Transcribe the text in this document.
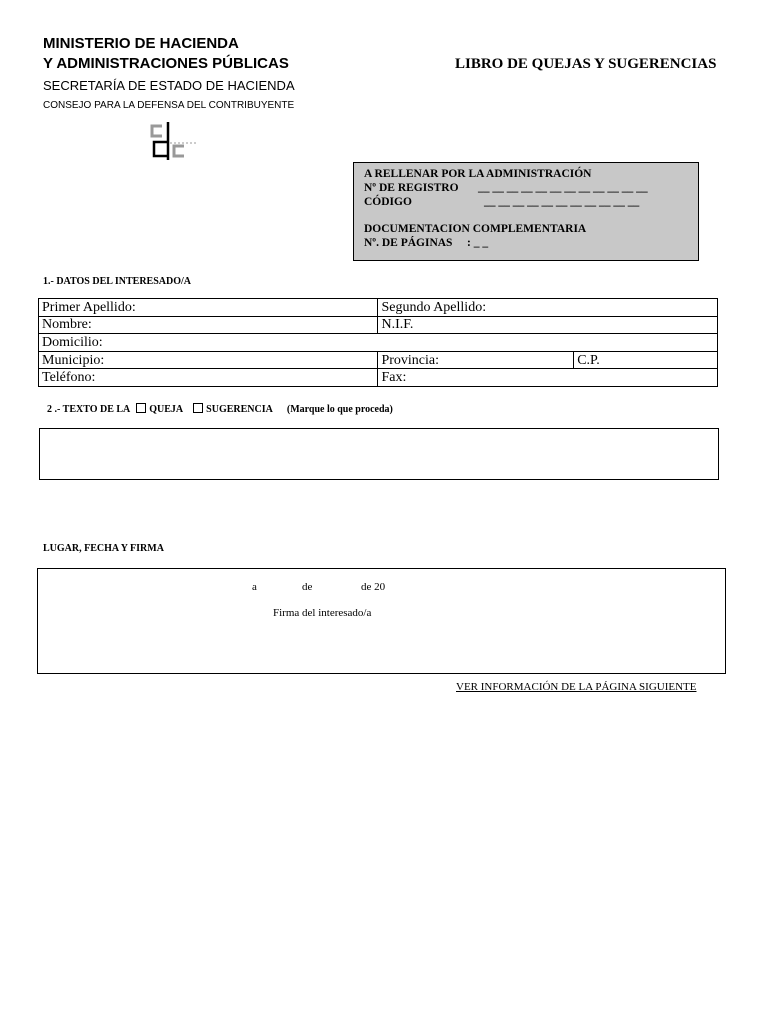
MINISTERIO DE HACIENDA
Y ADMINISTRACIONES PÚBLICAS
SECRETARÍA DE ESTADO DE HACIENDA
CONSEJO PARA LA DEFENSA DEL CONTRIBUYENTE
LIBRO DE QUEJAS Y SUGERENCIAS
A RELLENAR POR LA ADMINISTRACIÓN
Nº DE REGISTRO __ __ __ __ __ __ __ __ __ __ __ __
CÓDIGO	__ __ __ __ __ __ __ __ __ __ __
DOCUMENTACION COMPLEMENTARIA
Nº. DE PÁGINAS : _ _
1.- DATOS DEL INTERESADO/A
Primer Apellido:	Segundo Apellido:	
Nombre:	N.I.F.	
Domicilio:		
Municipio:	Provincia:	C.P.
Teléfono:	Fax:	
2 .- TEXTO DE LA QUEJA SUGERENCIA (Marque lo que proceda)
LUGAR, FECHA Y FIRMA
a	de	de 20
Firma del interesado/a
VER INFORMACIÓN DE LA PÁGINA SIGUIENTE
